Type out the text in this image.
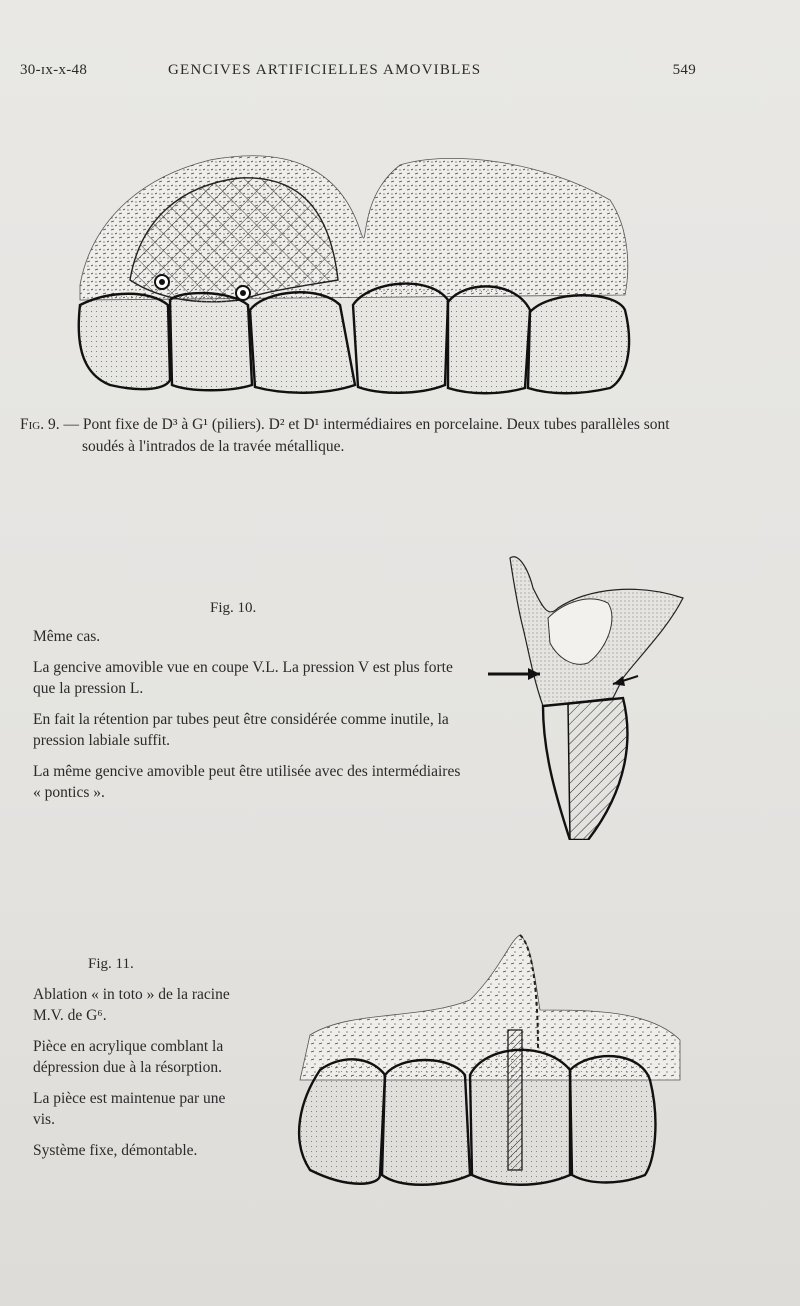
30-ɪx-x-48	GENCIVES ARTIFICIELLES AMOVIBLES	549
Fig. 9. — Pont fixe de D³ à G¹ (piliers). D² et D¹ intermédiaires en porcelaine. Deux tubes parallèles sont soudés à l'intrados de la travée métallique.
Fig. 10.

Même cas.

La gencive amovible vue en coupe V.L. La pression V est plus forte que la pression L.

En fait la rétention par tubes peut être considérée comme inutile, la pression labiale suffit.

La même gencive amovible peut être utilisée avec des intermédiaires « pontics ».

Fig. 11.

Ablation « in toto » de la racine M.V. de G⁶.

Pièce en acrylique comblant la dépression due à la résorption.

La pièce est maintenue par une vis.

Système fixe, démontable.
